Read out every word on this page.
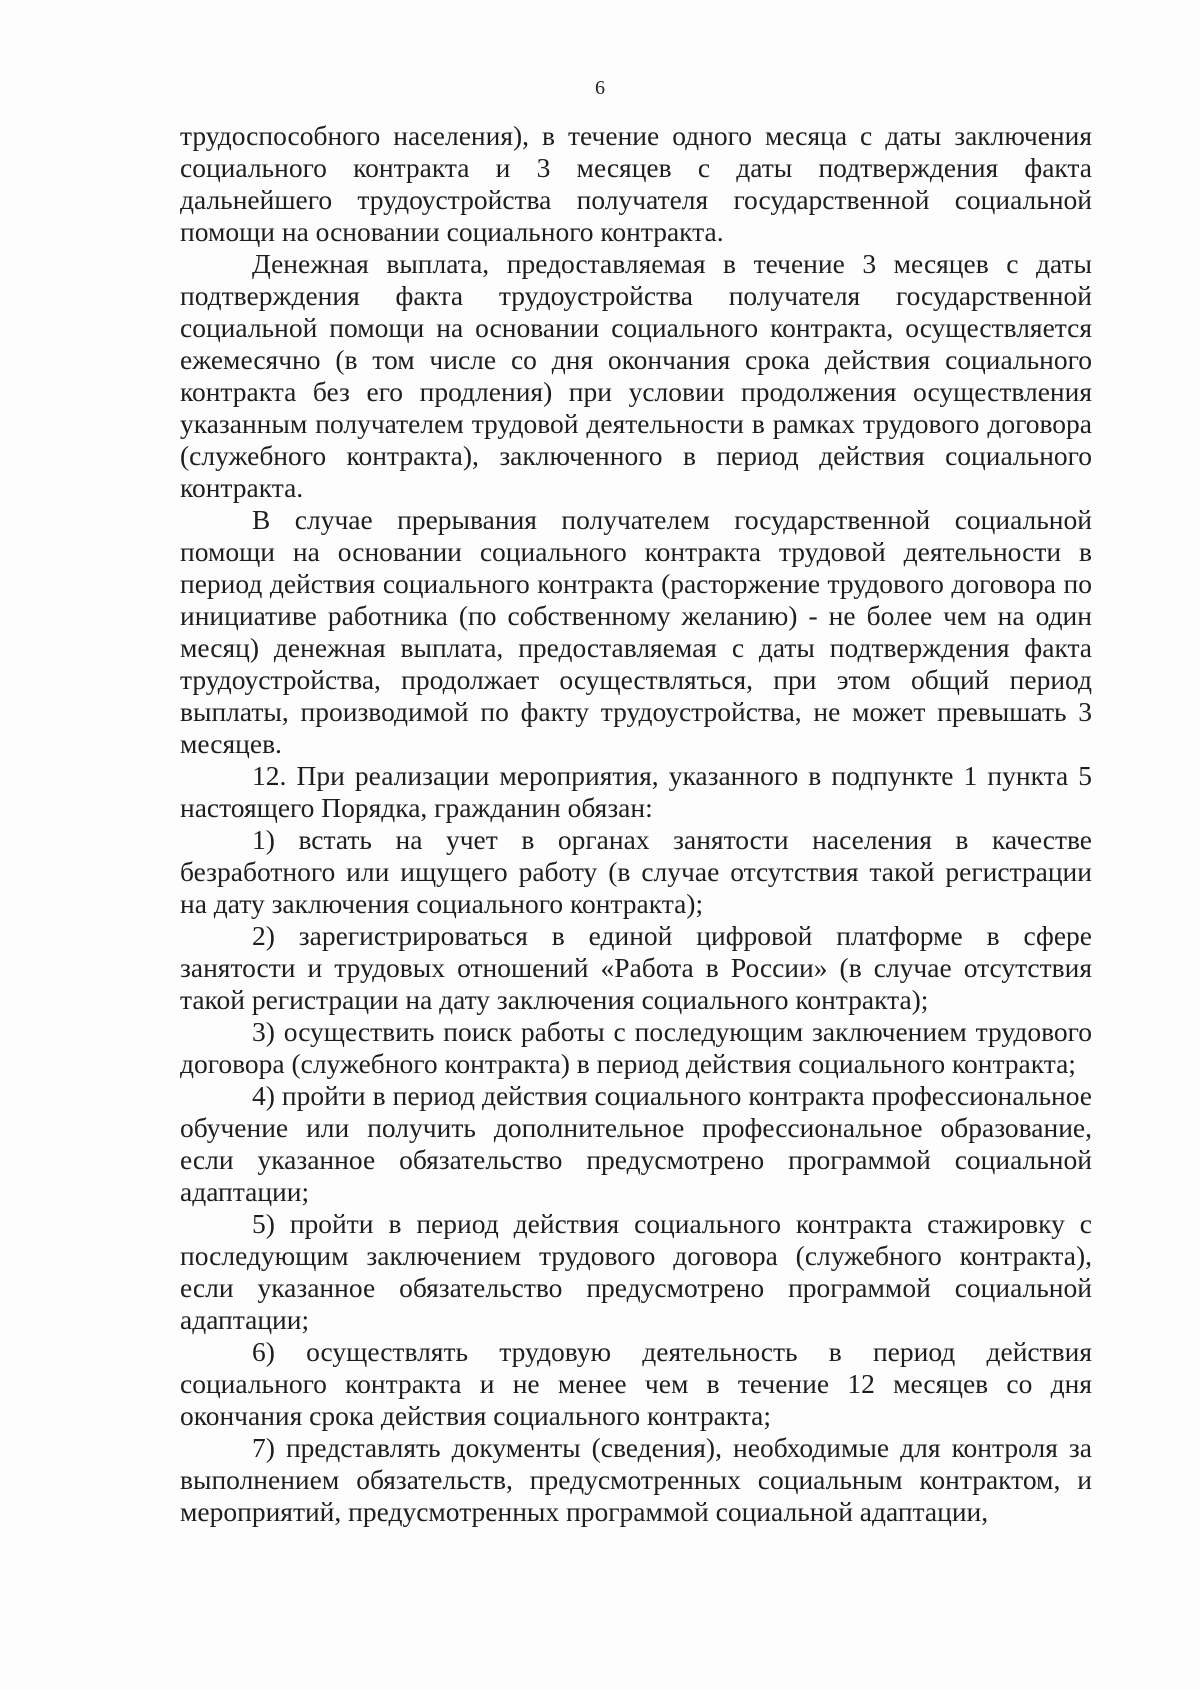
6

трудоспособного населения), в течение одного месяца с даты заключения социального контракта и 3 месяцев с даты подтверждения факта дальнейшего трудоустройства получателя государственной социальной помощи на основании социального контракта.

Денежная выплата, предоставляемая в течение 3 месяцев с даты подтверждения факта трудоустройства получателя государственной социальной помощи на основании социального контракта, осуществляется ежемесячно (в том числе со дня окончания срока действия социального контракта без его продления) при условии продолжения осуществления указанным получателем трудовой деятельности в рамках трудового договора (служебного контракта), заключенного в период действия социального контракта.

В случае прерывания получателем государственной социальной помощи на основании социального контракта трудовой деятельности в период действия социального контракта (расторжение трудового договора по инициативе работника (по собственному желанию) - не более чем на один месяц) денежная выплата, предоставляемая с даты подтверждения факта трудоустройства, продолжает осуществляться, при этом общий период выплаты, производимой по факту трудоустройства, не может превышать 3 месяцев.

12. При реализации мероприятия, указанного в подпункте 1 пункта 5 настоящего Порядка, гражданин обязан:

1) встать на учет в органах занятости населения в качестве безработного или ищущего работу (в случае отсутствия такой регистрации на дату заключения социального контракта);

2) зарегистрироваться в единой цифровой платформе в сфере занятости и трудовых отношений «Работа в России» (в случае отсутствия такой регистрации на дату заключения социального контракта);

3) осуществить поиск работы с последующим заключением трудового договора (служебного контракта) в период действия социального контракта;

4) пройти в период действия социального контракта профессиональное обучение или получить дополнительное профессиональное образование, если указанное обязательство предусмотрено программой социальной адаптации;

5) пройти в период действия социального контракта стажировку с последующим заключением трудового договора (служебного контракта), если указанное обязательство предусмотрено программой социальной адаптации;

6) осуществлять трудовую деятельность в период действия социального контракта и не менее чем в течение 12 месяцев со дня окончания срока действия социального контракта;

7) представлять документы (сведения), необходимые для контроля за выполнением обязательств, предусмотренных социальным контрактом, и мероприятий, предусмотренных программой социальной адаптации,
